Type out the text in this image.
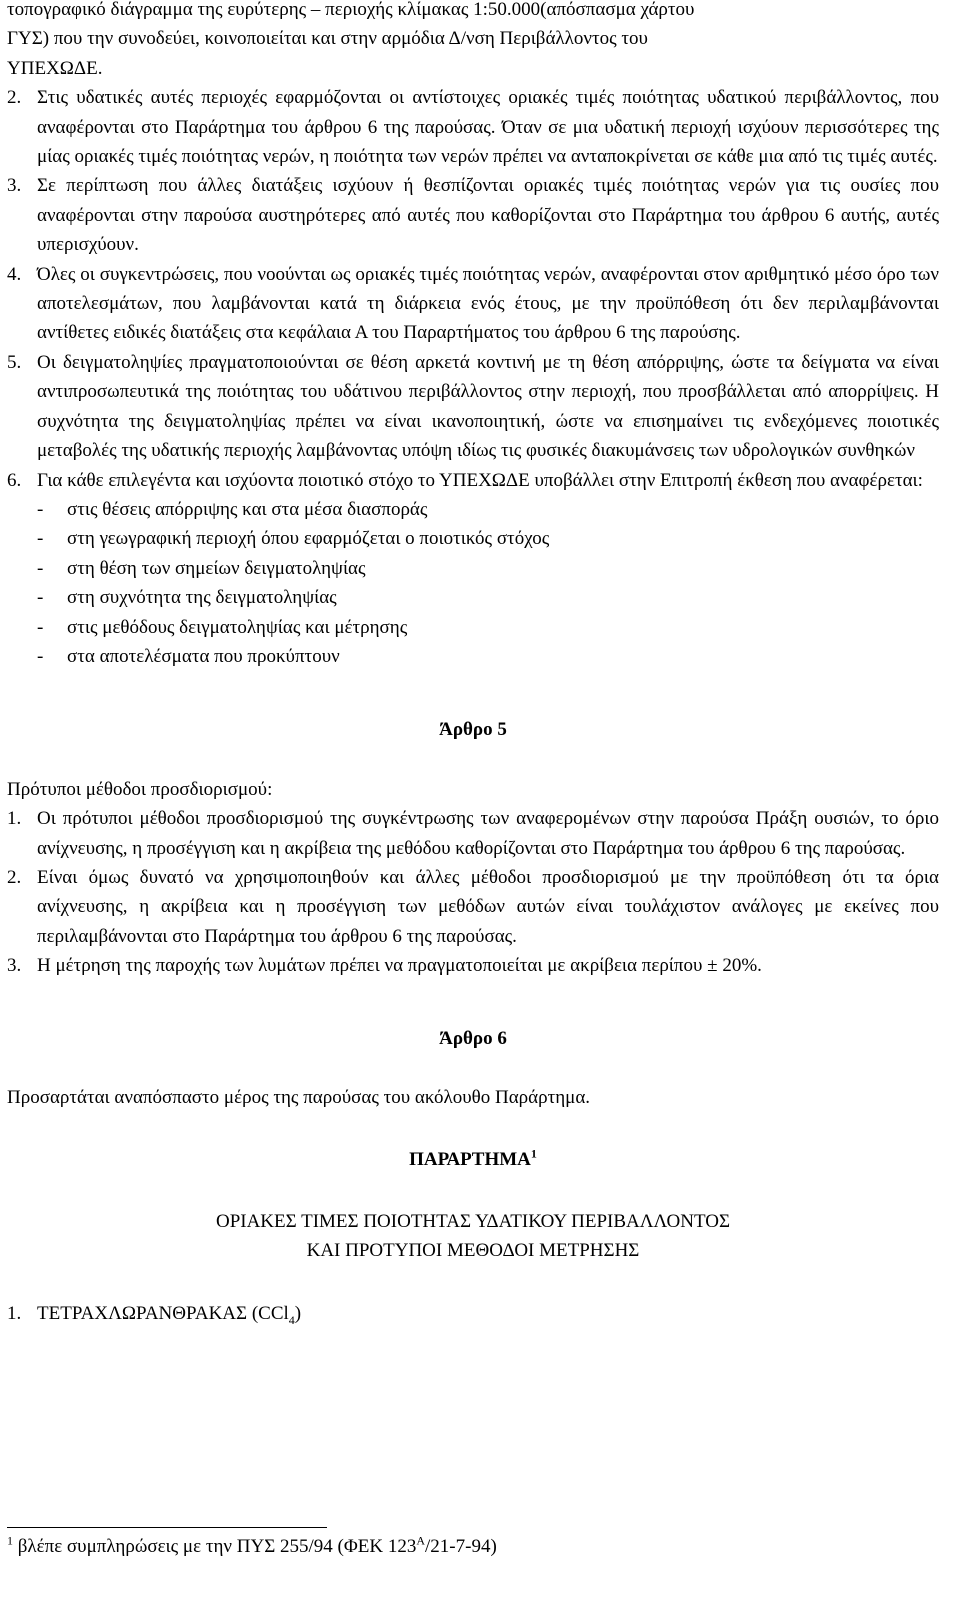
τοπογραφικό διάγραμμα της ευρύτερης – περιοχής κλίμακας 1:50.000(απόσπασμα χάρτου

ΓΥΣ) που την συνοδεύει, κοινοποιείται και στην αρμόδια Δ/νση Περιβάλλοντος του

ΥΠΕΧΩΔΕ.

2. Στις υδατικές αυτές περιοχές εφαρμόζονται οι αντίστοιχες οριακές τιμές ποιότητας υδατικού περιβάλλοντος, που αναφέρονται στο Παράρτημα του άρθρου 6 της παρούσας. Όταν σε μια υδατική περιοχή ισχύουν περισσότερες της μίας οριακές τιμές ποιότητας νερών, η ποιότητα των νερών πρέπει να ανταποκρίνεται σε κάθε μια από τις τιμές αυτές.
3. Σε περίπτωση που άλλες διατάξεις ισχύουν ή θεσπίζονται οριακές τιμές ποιότητας νερών για τις ουσίες που αναφέρονται στην παρούσα αυστηρότερες από αυτές που καθορίζονται στο Παράρτημα του άρθρου 6 αυτής, αυτές υπερισχύουν.
4. Όλες οι συγκεντρώσεις, που νοούνται ως οριακές τιμές ποιότητας νερών, αναφέρονται στον αριθμητικό μέσο όρο των αποτελεσμάτων, που λαμβάνονται κατά τη διάρκεια ενός έτους, με την προϋπόθεση ότι δεν περιλαμβάνονται αντίθετες ειδικές διατάξεις στα κεφάλαια Α του Παραρτήματος του άρθρου 6 της παρούσης.
5. Οι δειγματοληψίες πραγματοποιούνται σε θέση αρκετά κοντινή με τη θέση απόρριψης, ώστε τα δείγματα να είναι αντιπροσωπευτικά της ποιότητας του υδάτινου περιβάλλοντος στην περιοχή, που προσβάλλεται από απορρίψεις. Η συχνότητα της δειγματοληψίας πρέπει να είναι ικανοποιητική, ώστε να επισημαίνει τις ενδεχόμενες ποιοτικές μεταβολές της υδατικής περιοχής λαμβάνοντας υπόψη ιδίως τις φυσικές διακυμάνσεις των υδρολογικών συνθηκών
6. Για κάθε επιλεγέντα και ισχύοντα ποιοτικό στόχο το ΥΠΕΧΩΔΕ υποβάλλει στην Επιτροπή έκθεση που αναφέρεται:
-	στις θέσεις απόρριψης και στα μέσα διασποράς
-	στη γεωγραφική περιοχή όπου εφαρμόζεται ο ποιοτικός στόχος
-	στη θέση των σημείων δειγματοληψίας
-	στη συχνότητα της δειγματοληψίας
-	στις μεθόδους δειγματοληψίας και μέτρησης
-	στα αποτελέσματα που προκύπτουν

Άρθρο 5

Πρότυποι μέθοδοι προσδιορισμού:

1. Οι πρότυποι μέθοδοι προσδιορισμού της συγκέντρωσης των αναφερομένων στην παρούσα Πράξη ουσιών, το όριο ανίχνευσης, η προσέγγιση και η ακρίβεια της μεθόδου καθορίζονται στο Παράρτημα του άρθρου 6 της παρούσας.
2. Είναι όμως δυνατό να χρησιμοποιηθούν και άλλες μέθοδοι προσδιορισμού με την προϋπόθεση ότι τα όρια ανίχνευσης, η ακρίβεια και η προσέγγιση των μεθόδων αυτών είναι τουλάχιστον ανάλογες με εκείνες που περιλαμβάνονται στο Παράρτημα του άρθρου 6 της παρούσας.
3. Η μέτρηση της παροχής των λυμάτων πρέπει να πραγματοποιείται με ακρίβεια περίπου ± 20%.

Άρθρο 6

Προσαρτάται αναπόσπαστο μέρος της παρούσας του ακόλουθο Παράρτημα.

ΠΑΡΑΡΤΗΜΑ$^1$

ΟΡΙΑΚΕΣ ΤΙΜΕΣ ΠΟΙΟΤΗΤΑΣ ΥΔΑΤΙΚΟΥ ΠΕΡΙΒΑΛΛΟΝΤΟΣ

ΚΑΙ ΠΡΟΤΥΠΟΙ ΜΕΘΟΔΟΙ ΜΕΤΡΗΣΗΣ

1. ΤΕΤΡΑΧΛΩΡΑΝΘΡΑΚΑΣ (CCl$_4$)

$^1$ βλέπε συμπληρώσεις με την ΠΥΣ 255/94 (ΦΕΚ $123^A/21-7-94$)
